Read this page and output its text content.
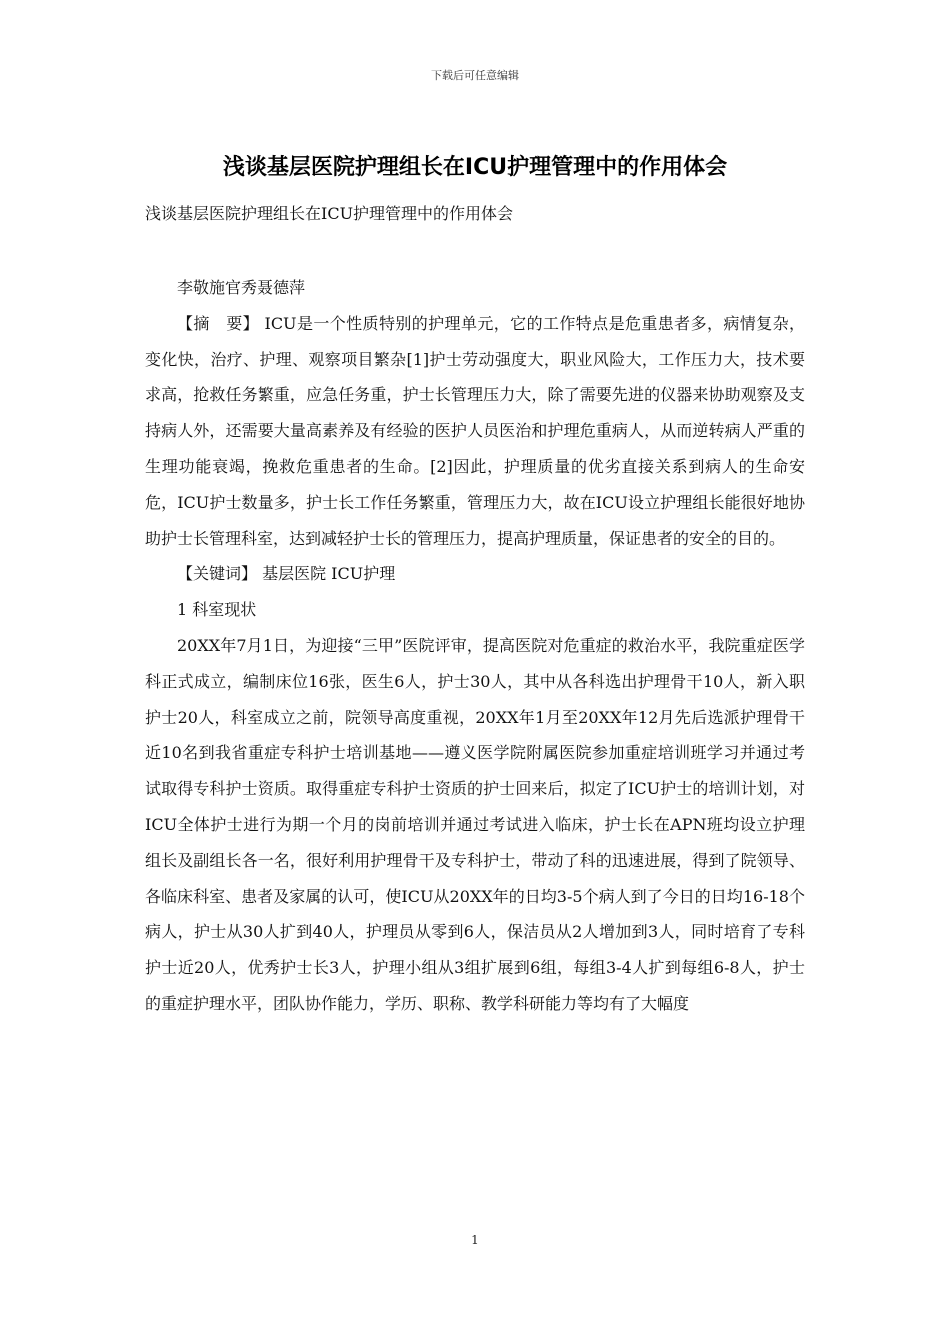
下载后可任意编辑
浅谈基层医院护理组长在ICU护理管理中的作用体会
浅谈基层医院护理组长在ICU护理管理中的作用体会

李敬施官秀聂德萍

【摘　要】 ICU是一个性质特别的护理单元，它的工作特点是危重患者多，病情复杂，变化快，治疗、护理、观察项目繁杂[1]护士劳动强度大，职业风险大，工作压力大，技术要求高，抢救任务繁重，应急任务重，护士长管理压力大，除了需要先进的仪器来协助观察及支持病人外，还需要大量高素养及有经验的医护人员医治和护理危重病人，从而逆转病人严重的生理功能衰竭，挽救危重患者的生命。[2]因此，护理质量的优劣直接关系到病人的生命安危，ICU护士数量多，护士长工作任务繁重，管理压力大，故在ICU设立护理组长能很好地协助护士长管理科室，达到减轻护士长的管理压力，提高护理质量，保证患者的安全的目的。

【关键词】 基层医院 ICU护理

1 科室现状

20XX年7月1日，为迎接“三甲”医院评审，提高医院对危重症的救治水平，我院重症医学科正式成立，编制床位16张，医生6人，护士30人，其中从各科选出护理骨干10人，新入职护士20人，科室成立之前，院领导高度重视，20XX年1月至20XX年12月先后选派护理骨干近10名到我省重症专科护士培训基地——遵义医学院附属医院参加重症培训班学习并通过考试取得专科护士资质。取得重症专科护士资质的护士回来后，拟定了ICU护士的培训计划，对ICU全体护士进行为期一个月的岗前培训并通过考试进入临床，护士长在APN班均设立护理组长及副组长各一名，很好利用护理骨干及专科护士，带动了科的迅速进展，得到了院领导、各临床科室、患者及家属的认可，使ICU从20XX年的日均3-5个病人到了今日的日均16-18个病人，护士从30人扩到40人，护理员从零到6人，保洁员从2人增加到3人，同时培育了专科护士近20人，优秀护士长3人，护理小组从3组扩展到6组，每组3-4人扩到每组6-8人，护士的重症护理水平，团队协作能力，学历、职称、教学科研能力等均有了大幅度

1
